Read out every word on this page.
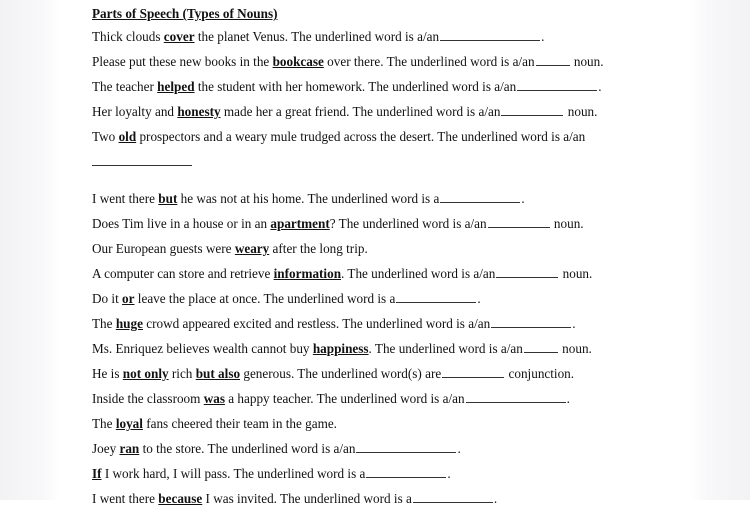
Parts of Speech (Types of Nouns)
Thick clouds cover the planet Venus. The underlined word is a/an	.
Please put these new books in the bookcase over there. The underlined word is a/an	noun.
The teacher helped the student with her homework. The underlined word is a/an	.
Her loyalty and honesty made her a great friend. The underlined word is a/an	noun.
Two old prospectors and a weary mule trudged across the desert. The underlined word is a/an
I went there but he was not at his home. The underlined word is a	.
Does Tim live in a house or in an apartment? The underlined word is a/an	noun.
Our European guests were weary after the long trip.
A computer can store and retrieve information. The underlined word is a/an	noun.
Do it or leave the place at once. The underlined word is a	.
The huge crowd appeared excited and restless. The underlined word is a/an	.
Ms. Enriquez believes wealth cannot buy happiness. The underlined word is a/an	noun.
He is not only rich but also generous. The underlined word(s) are	conjunction.
Inside the classroom was a happy teacher. The underlined word is a/an	.
The loyal fans cheered their team in the game.
Joey ran to the store. The underlined word is a/an	.
If I work hard, I will pass. The underlined word is a	.
I went there because I was invited. The underlined word is a	.
